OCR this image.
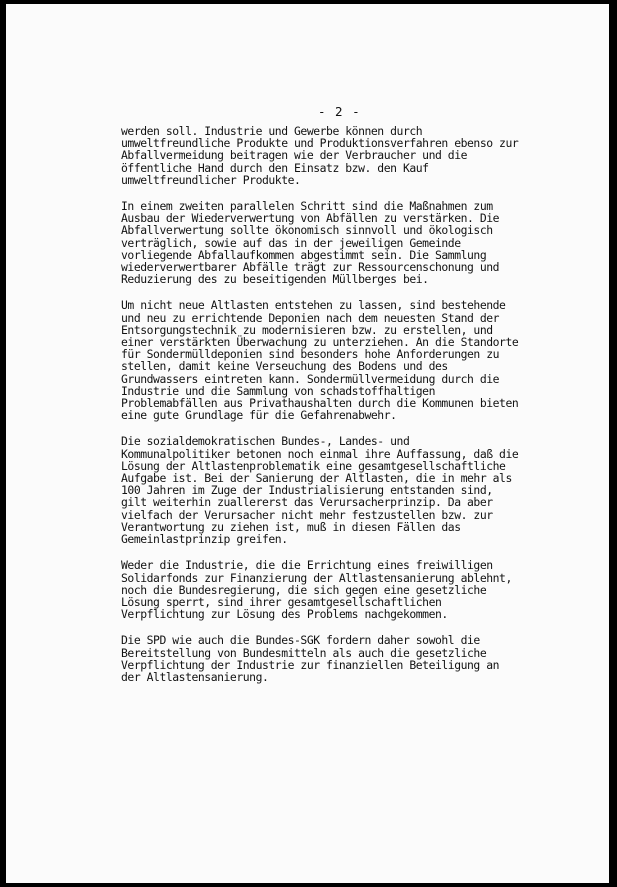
- 2 -

werden soll. Industrie und Gewerbe können durch
umweltfreundliche Produkte und Produktionsverfahren ebenso zur
Abfallvermeidung beitragen wie der Verbraucher und die
öffentliche Hand durch den Einsatz bzw. den Kauf
umweltfreundlicher Produkte.

In einem zweiten parallelen Schritt sind die Maßnahmen zum
Ausbau der Wiederverwertung von Abfällen zu verstärken. Die
Abfallverwertung sollte ökonomisch sinnvoll und ökologisch
verträglich, sowie auf das in der jeweiligen Gemeinde
vorliegende Abfallaufkommen abgestimmt sein. Die Sammlung
wiederverwertbarer Abfälle trägt zur Ressourcenschonung und
Reduzierung des zu beseitigenden Müllberges bei.

Um nicht neue Altlasten entstehen zu lassen, sind bestehende
und neu zu errichtende Deponien nach dem neuesten Stand der
Entsorgungstechnik zu modernisieren bzw. zu erstellen, und
einer verstärkten Überwachung zu unterziehen. An die Standorte
für Sondermülldeponien sind besonders hohe Anforderungen zu
stellen, damit keine Verseuchung des Bodens und des
Grundwassers eintreten kann. Sondermüllvermeidung durch die
Industrie und die Sammlung von schadstoffhaltigen
Problemabfällen aus Privathaushalten durch die Kommunen bieten
eine gute Grundlage für die Gefahrenabwehr.

Die sozialdemokratischen Bundes-, Landes- und
Kommunalpolitiker betonen noch einmal ihre Auffassung, daß die
Lösung der Altlastenproblematik eine gesamtgesellschaftliche
Aufgabe ist. Bei der Sanierung der Altlasten, die in mehr als
100 Jahren im Zuge der Industrialisierung entstanden sind,
gilt weiterhin zuallererst das Verursacherprinzip. Da aber
vielfach der Verursacher nicht mehr festzustellen bzw. zur
Verantwortung zu ziehen ist, muß in diesen Fällen das
Gemeinlastprinzip greifen.

Weder die Industrie, die die Errichtung eines freiwilligen
Solidarfonds zur Finanzierung der Altlastensanierung ablehnt,
noch die Bundesregierung, die sich gegen eine gesetzliche
Lösung sperrt, sind ihrer gesamtgesellschaftlichen
Verpflichtung zur Lösung des Problems nachgekommen.

Die SPD wie auch die Bundes-SGK fordern daher sowohl die
Bereitstellung von Bundesmitteln als auch die gesetzliche
Verpflichtung der Industrie zur finanziellen Beteiligung an
der Altlastensanierung.
